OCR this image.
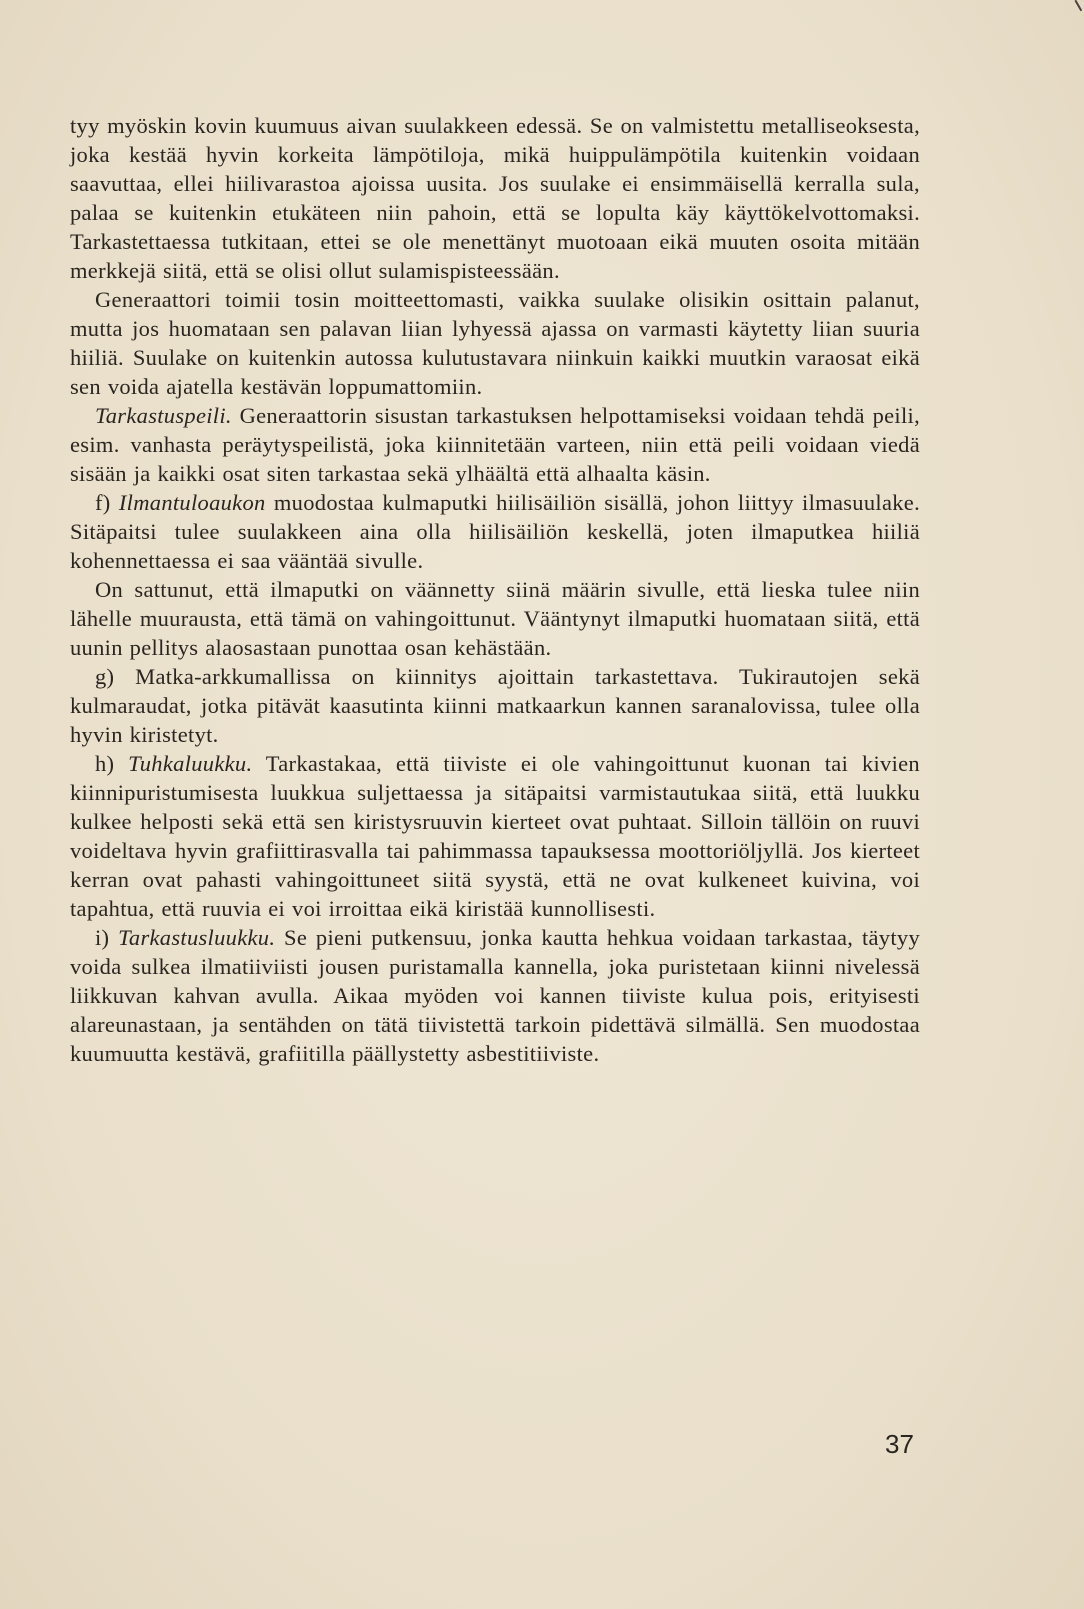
tyy myöskin kovin kuumuus aivan suulakkeen edessä. Se on valmistettu metalliseoksesta, joka kestää hyvin korkeita lämpötiloja, mikä huippulämpötila kuitenkin voidaan saavuttaa, ellei hiilivarastoa ajoissa uusita. Jos suulake ei ensimmäisellä kerralla sula, palaa se kuitenkin etukäteen niin pahoin, että se lopulta käy käyttökelvottomaksi. Tarkastettaessa tutkitaan, ettei se ole menettänyt muotoaan eikä muuten osoita mitään merkkejä siitä, että se olisi ollut sulamispisteessään.

Generaattori toimii tosin moitteettomasti, vaikka suulake olisikin osittain palanut, mutta jos huomataan sen palavan liian lyhyessä ajassa on varmasti käytetty liian suuria hiiliä. Suulake on kuitenkin autossa kulutustavara niinkuin kaikki muutkin varaosat eikä sen voida ajatella kestävän loppumattomiin.

Tarkastuspeili. Generaattorin sisustan tarkastuksen helpottamiseksi voidaan tehdä peili, esim. vanhasta peräytyspeilistä, joka kiinnitetään varteen, niin että peili voidaan viedä sisään ja kaikki osat siten tarkastaa sekä ylhäältä että alhaalta käsin.

f) Ilmantuloaukon muodostaa kulmaputki hiilisäiliön sisällä, johon liittyy ilmasuulake. Sitäpaitsi tulee suulakkeen aina olla hiilisäiliön keskellä, joten ilmaputkea hiiliä kohennettaessa ei saa vääntää sivulle.

On sattunut, että ilmaputki on väännetty siinä määrin sivulle, että lieska tulee niin lähelle muurausta, että tämä on vahingoittunut. Vääntynyt ilmaputki huomataan siitä, että uunin pellitys alaosastaan punottaa osan kehästään.

g) Matka-arkkumallissa on kiinnitys ajoittain tarkastettava. Tukirautojen sekä kulmaraudat, jotka pitävät kaasutinta kiinni matkaarkun kannen saranalovissa, tulee olla hyvin kiristetyt.

h) Tuhkaluukku. Tarkastakaa, että tiiviste ei ole vahingoittunut kuonan tai kivien kiinnipuristumisesta luukkua suljettaessa ja sitäpaitsi varmistautukaa siitä, että luukku kulkee helposti sekä että sen kiristysruuvin kierteet ovat puhtaat. Silloin tällöin on ruuvi voideltava hyvin grafiittirasvalla tai pahimmassa tapauksessa moottoriöljyllä. Jos kierteet kerran ovat pahasti vahingoittuneet siitä syystä, että ne ovat kulkeneet kuivina, voi tapahtua, että ruuvia ei voi irroittaa eikä kiristää kunnollisesti.

i) Tarkastusluukku. Se pieni putkensuu, jonka kautta hehkua voidaan tarkastaa, täytyy voida sulkea ilmatiiviisti jousen puristamalla kannella, joka puristetaan kiinni nivelessä liikkuvan kahvan avulla. Aikaa myöden voi kannen tiiviste kulua pois, erityisesti alareunastaan, ja sentähden on tätä tiivistettä tarkoin pidettävä silmällä. Sen muodostaa kuumuutta kestävä, grafiitilla päällystetty asbestitiiviste.

37
